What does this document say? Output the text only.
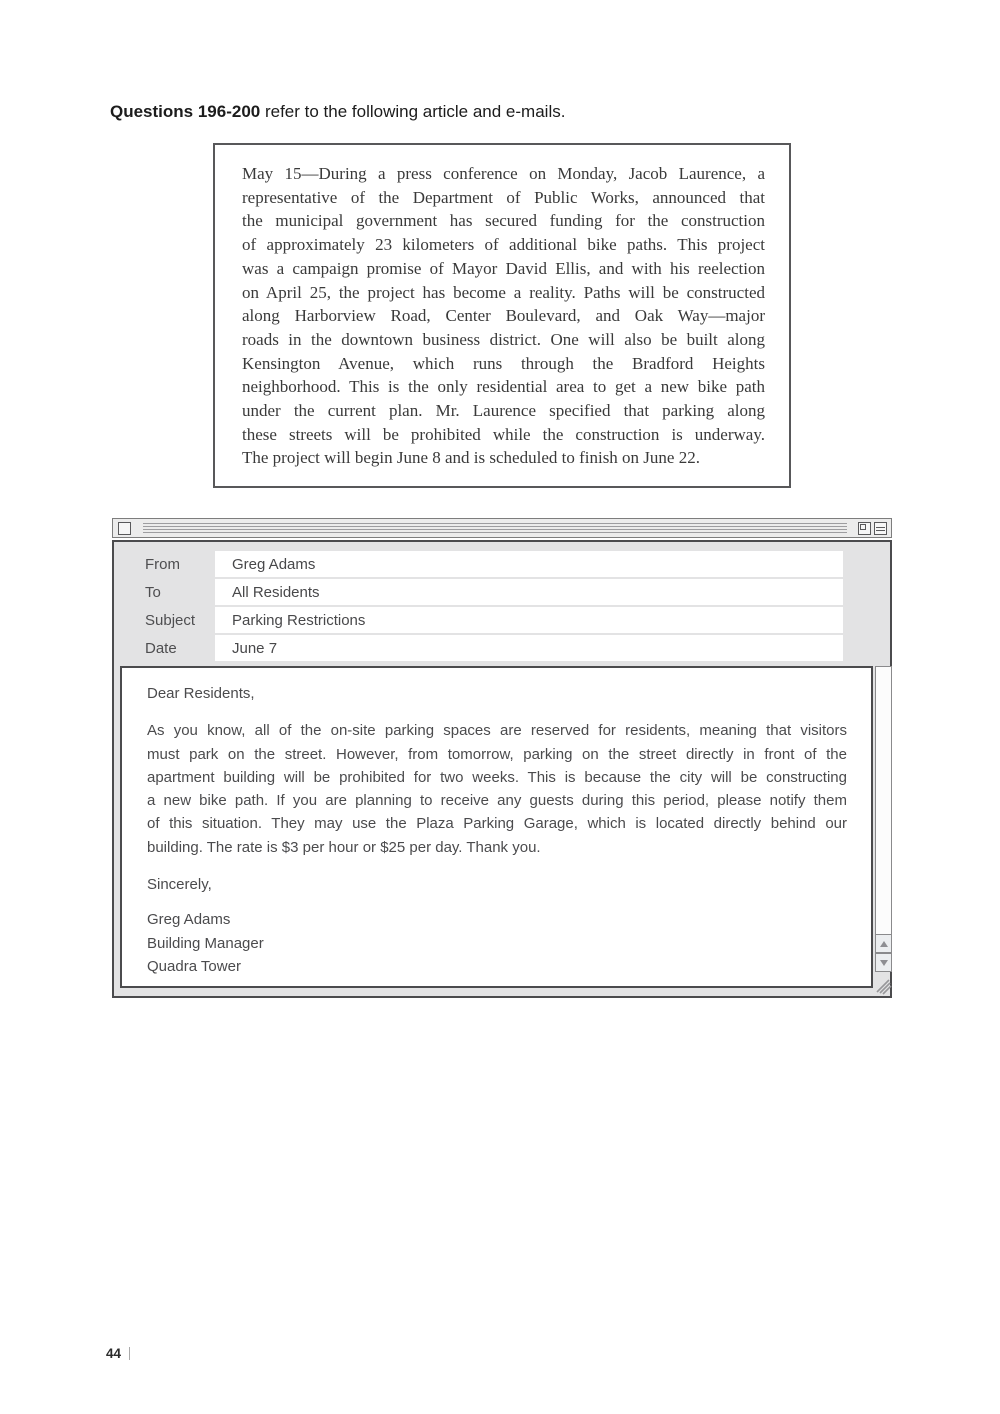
Questions 196-200 refer to the following article and e-mails.
May 15—During a press conference on Monday, Jacob Laurence, a
representative of the Department of Public Works, announced that
the municipal government has secured funding for the construction
of approximately 23 kilometers of additional bike paths. This project
was a campaign promise of Mayor David Ellis, and with his reelection
on April 25, the project has become a reality. Paths will be constructed
along Harborview Road, Center Boulevard, and Oak Way—major
roads in the downtown business district. One will also be built along
Kensington Avenue, which runs through the Bradford Heights
neighborhood. This is the only residential area to get a new bike path
under the current plan. Mr. Laurence specified that parking along
these streets will be prohibited while the construction is underway.
The project will begin June 8 and is scheduled to finish on June 22.
From	Greg Adams
To	All Residents
Subject	Parking Restrictions
Date	June 7
Dear Residents,
As you know, all of the on-site parking spaces are reserved for residents, meaning that visitors
must park on the street. However, from tomorrow, parking on the street directly in front of the
apartment building will be prohibited for two weeks. This is because the city will be constructing
a new bike path. If you are planning to receive any guests during this period, please notify them
of this situation. They may use the Plaza Parking Garage, which is located directly behind our
building. The rate is $3 per hour or $25 per day. Thank you.
Sincerely,
Greg Adams
Building Manager
Quadra Tower
44
